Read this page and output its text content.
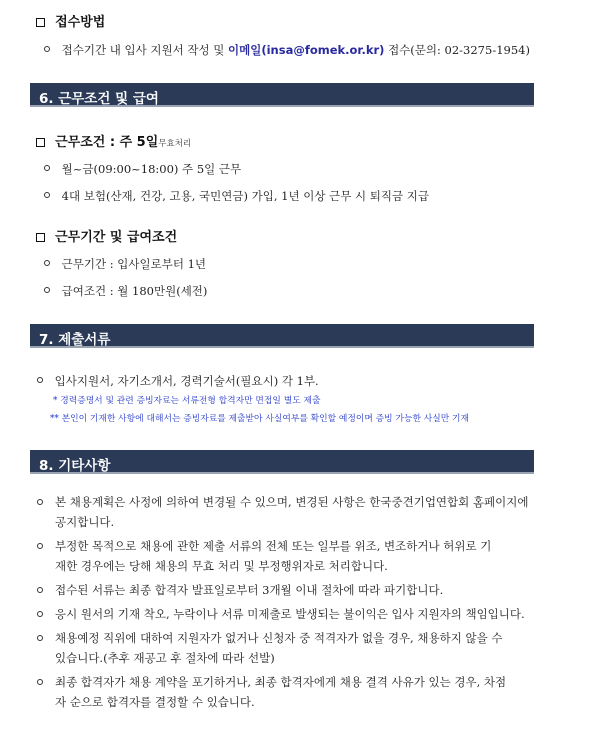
접수방법
접수기간 내 입사 지원서 작성 및 이메일(insa@fomek.or.kr) 접수(문의: 02-3275-1954)
6. 근무조건 및 급여
근무조건 : 주 5일무효처리
월~금(09:00~18:00) 주 5일 근무
4대 보험(산재, 건강, 고용, 국민연금) 가입, 1년 이상 근무 시 퇴직금 지급
근무기간 및 급여조건
근무기간 : 입사일로부터 1년
급여조건 : 월 180만원(세전)
7. 제출서류
입사지원서, 자기소개서, 경력기술서(필요시) 각 1부.
* 경력증명서 및 관련 증빙자료는 서류전형 합격자만 면접일 별도 제출
** 본인이 기재한 사항에 대해서는 증빙자료를 제출받아 사실여부를 확인할 예정이며 증빙 가능한 사실만 기재
8. 기타사항
본 채용계획은 사정에 의하여 변경될 수 있으며, 변경된 사항은 한국중견기업연합회 홈페이지에
공지합니다.
부정한 목적으로 채용에 관한 제출 서류의 전체 또는 일부를 위조, 변조하거나 허위로 기
재한 경우에는 당해 채용의 무효 처리 및 부정행위자로 처리합니다.
접수된 서류는 최종 합격자 발표일로부터 3개월 이내 절차에 따라 파기합니다.
응시 원서의 기재 착오, 누락이나 서류 미제출로 발생되는 불이익은 입사 지원자의 책임입니다.
채용예정 직위에 대하여 지원자가 없거나 신청자 중 적격자가 없을 경우, 채용하지 않을 수
있습니다.(추후 재공고 후 절차에 따라 선발)
최종 합격자가 채용 계약을 포기하거나, 최종 합격자에게 채용 결격 사유가 있는 경우, 차점
자 순으로 합격자를 결정할 수 있습니다.
